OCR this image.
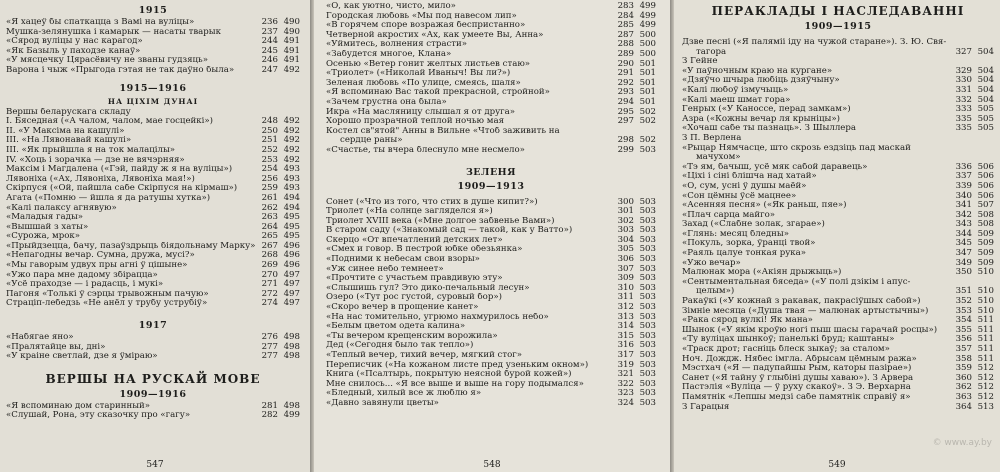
1915
«Я хацеў бы спаткацца з Вамі на вуліцы»	236 490
Мушка-зелянушка і камарык — насаты тварык	237 490
«Сярод вуліцы у нас карагод»	244 491
«Як Базыль у паходзе канаў»	245 491
«У мясцечку Цярасёвичу не званы гудзяць»	246 491
Варона і чыж «Прыгода гэтая не так даўно была»	247 492
1915—1916
НА ЦІХІМ ДУНАІ
Вершы беларускага складу
I. Бяседная («А чалом, чалом, мае госцейкі»)	248 492
II. «У Максіма на кашулі»	250 492
III. «На Лявонавай кашулі»	251 492
III. «Як прыйшла я на ток малацілы»	252 492
IV. «Хоць і зорачка — дзе не вячэрняя»	253 492
Максім і Магдалена («Гэй, пайду ж я на вуліцы»)	254 493
Лявоніха («Ах, Лявоніха, Лявоніха мая!»)	256 493
Скірпуся («Ой, пайшла сабе Скірпуся на кірмаш»)	259 493
Агата («Помню — йшла я да ратушы хутка»)	261 494
«Калі палаксу агнявую»	262 494
«Маладыя гады»	263 495
«Вышшай з хаты»	264 495
«Сурожа, мрок»	265 495
«Прыйдзецца, бачу, пазаўздрыць біядольнаму Марку» 267 496
«Непагодны вечар. Сумна, дружа, мусі?»	268 496
«Мы гаворым удвух пры агні ў цішыне»	269 496
«Ужо пара мне дадому збірацца»	270 497
«Усё праходзе — і радасць, і мукі»	271 497
Пагоня «Толькі ў сэрцы трывожным пачую»	272 497
Страціп-лебедзь «Не анёл у трубу уструбіў»	274 497
1917
«Набягае яно»	276 498
«Пралятайце вы, дні»	277 498
«У краіне светлай, дзе я ўміраю»	277 498
ВЕРШЫ НА РУСКАЙ МОВЕ
1909—1916
«Я вспоминаю дом старинный»	281 498
«Слушай, Рона, эту сказочку про «гагу»	282 499
547
«О, как уютно, чисто, мило»	283 499
Городская любовь «Мы под навесом лип»	284 499
«В горячем споре возражая беспристанно»	285 499
Четверной акростих «Ах, как умеете Вы, Анна»	287 500
«Уймитесь, волнения страсти»	288 500
«Забудется многое, Клана»	289 500
Осенью «Ветер гонит желтых листьев стаю»	290 501
«Триолет» («Николай Иваныч! Вы ли?»)	291 501
Зеленая любовь «По улице, смеясь, шаля»	292 501
«Я вспоминаю Вас такой прекрасной, стройной»	293 501
«Зачем грустна она была»	294 501
Икра «На масляницу слышал я от друга»	295 502
Хорошо прозрачной теплой ночью мая	297 502
Костел св"ятой" Анны в Вильне «Чтоб заживить на
сердце раны»	298 502
«Счастье, ты вчера блеснуло мне несмело»	299 503
ЗЕЛЕНЯ
1909—1913
Сонет («Что из того, что стих в душе кипит?»)	300 503
Триолет («На солнце загляделся я»)	301 503
Триолет XVIII века («Мне долгое забвенье Вами»)	302 503
В старом саду («Знакомый сад — такой, как у Ватто»)	303 503
Скерцо «От впечатлений детских лет»	304 503
«Смех и говор. В пестрой юбке обезьянка»	305 503
«Подними к небесам свои взоры»	306 503
«Уж синее небо темнеет»	307 503
«Прочтите с участьем правдивую эту»	309 503
«Слышишь гул? Это дико-печальный лесун»	310 503
Озеро («Тут рос густой, суровый бор»)	311 503
«Скоро вечер в прощение канет»	312 503
«На нас томительно, угрюмо нахмурилось небо»	313 503
«Белым цветом одета калина»	314 503
«Ты вечером крещенским ворожила»	315 503
Дед («Сегодня было так тепло»)	316 503
«Теплый вечер, тихий вечер, мягкий стог»	317 503
Переписчик («На кожаном листе пред узеньким окном»)	319 503
Книга («Псалтырь, покрытую неясной бурой кожей»)	321 503
Мне снилось... «Я все выше и выше на гору подымался»	322 503
«Бледный, хилый все ж люблю я»	323 503
«Давно завянули цветы»	324 503
548
ПЕРАКЛАДЫ І НАСЛЕДАВАННІ
1909—1915
Дзве песні («Я паляміі іду на чужой старане»). З. Ю. Свя-
тагора	327 504
З Гейне
«У паўночным краю на кургане»	329 504
«Дзяўчо шчыра любіць дзяўчыну»	330 504
«Калі любоў ізмучыць»	331 504
«Калі маеш шмат гора»	332 504
Генрых («У Каноссе, перад замкам»)	333 505
Азра («Кожны вечар ля крыніцы»)	335 505
«Хочаш сабе ты пазнаць». З Шыллера	335 505
З П. Верлена
«Рыцар Нямчасце, што скрозь ездзіць пад маскай
мачухом»
«Тэ ям, бачыш, усё мяк сабой даравець»	336 506
«Ціхі і сіні блішча над хатай»	337 506
«О, сум, усні ў душы маёй»	339 506
«Сон цёмны ўсё мацнее»	340 506
«Асенняя песня» («Як раньш, пяе»)	341 507
«Плач сарца майго»	342 508
Захад («Слабне золак, згарае»)	343 508
«Глянь: месяц бледны»	344 509
«Покуль, зорка, ўранці твой»	345 509
«Раяль цалуе тонкая рука»	347 509
«Ужо вечар»	349 509
Малюнак мора («Акіян дрыжыць»)	350 510
«Сентыментальная бяседа» («У полі дзікім і апус-
целым»)	351 510
Ракаўкі («У кожнай з ракавак, пакрасіўшых сабой»)	352 510
Зімніе месяца («Душа твая — малюнак артыстычны»)	353 510
«Рака сярод вулкі! Як мана»	354 511
Шынок («У якім кроўю ногі пыш шасы гарачай росцы»)	355 511
«Ту вуліцах шынкоў; панелькі бруд; каштаны»	356 511
«Траск дрот; гасніць блеск зыкаў; за сталом»	357 511
Ноч. Дождж. Нябес імгла. Абрысам цёмным ража»	358 511
Мэстхач («Я — падупайшы Рым, каторы пазірае»)	359 512
Санет («Я тайну ў глыбіні душы хаваю»). З Арвера	360 512
Пастэлія «Вуліца — ў руху скакоў». З Э. Верхарна	362 512
Памятнік «Лепшы медзі сабе памятнік справіў я»	363 512
З Гарацыя	364 513
© www.ay.by
549
